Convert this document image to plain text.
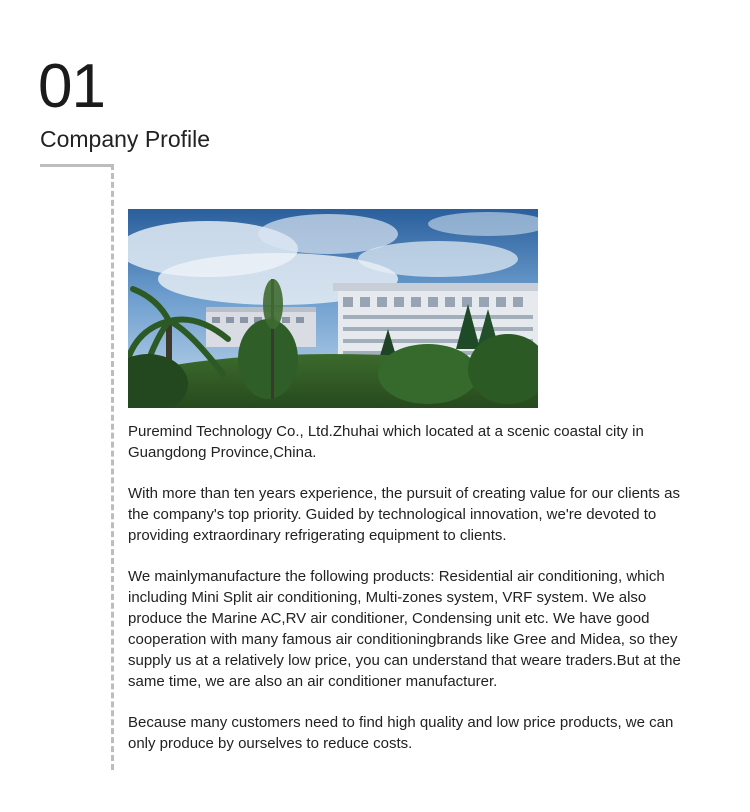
01
Company Profile

Puremind Technology Co., Ltd.Zhuhai which located at a scenic coastal city in Guangdong Province,China.

With more than ten years experience, the pursuit of creating value for our clients as the company's top priority. Guided by technological innovation, we're devoted to providing extraordinary refrigerating equipment to clients.

We mainlymanufacture the following products: Residential air conditioning, which including Mini Split air conditioning, Multi-zones system, VRF system. We also produce the Marine AC,RV air conditioner, Condensing unit etc. We have good cooperation with many famous air conditioningbrands like Gree and Midea, so they supply us at a relatively low price, you can understand that weare traders.But at the same time, we are also an air conditioner manufacturer.

Because many customers need to find high quality and low price products, we can only produce by ourselves to reduce costs.
